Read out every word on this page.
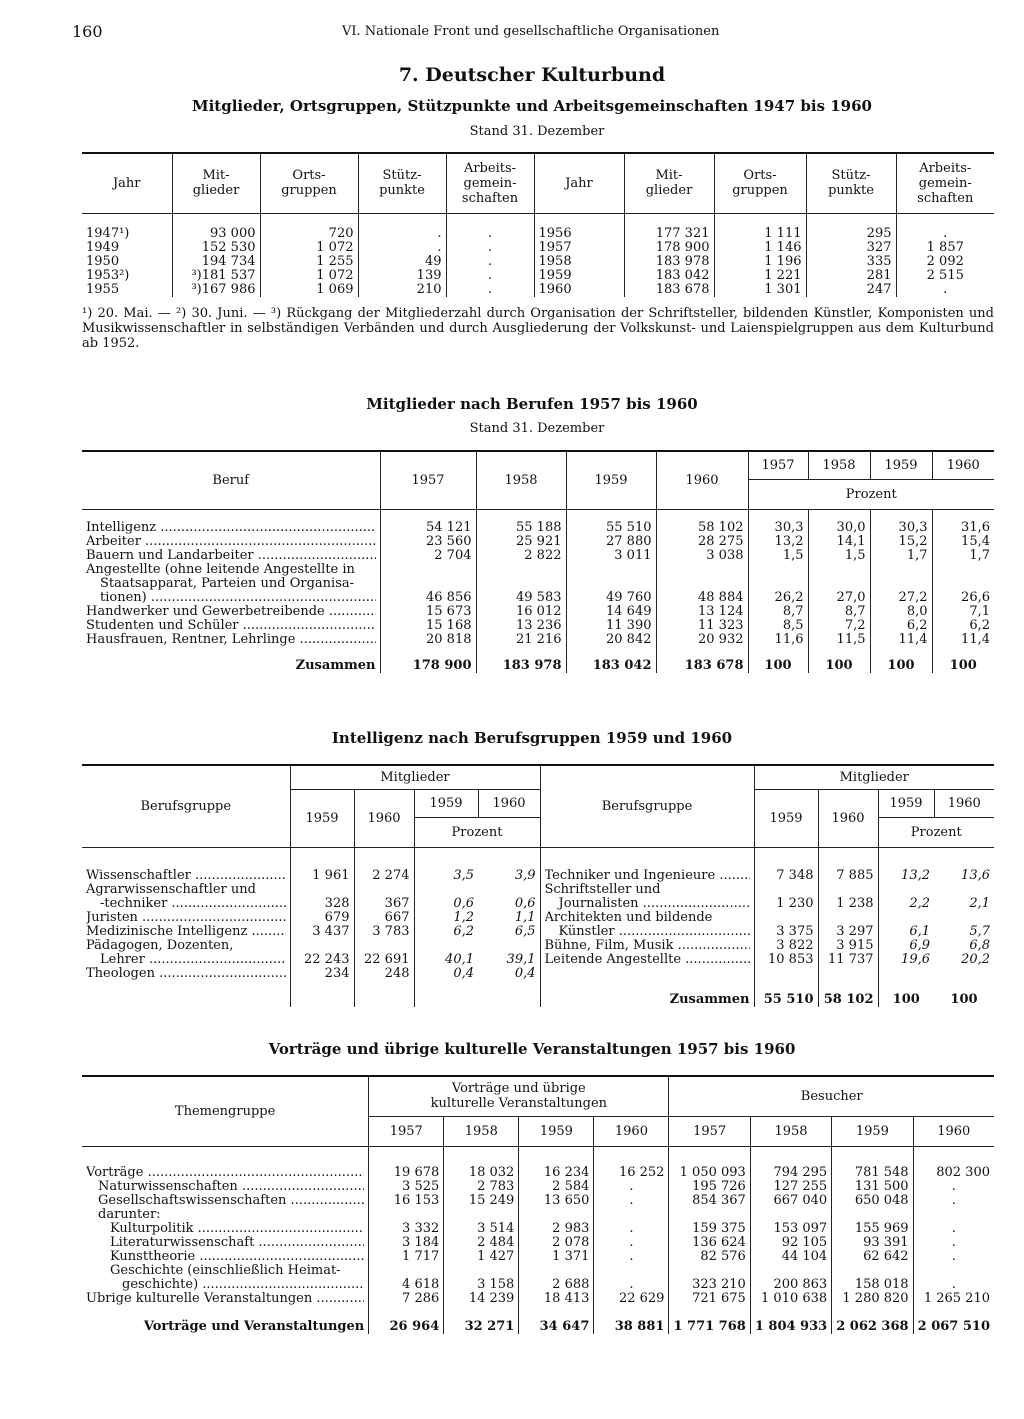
160	VI. Nationale Front und gesellschaftliche Organisationen
7. Deutscher Kulturbund
Mitglieder, Ortsgruppen, Stützpunkte und Arbeitsgemeinschaften 1947 bis 1960
Stand 31. Dezember
Jahr	Mit-
glieder	Orts-
gruppen	Stütz-
punkte	Arbeits-
gemein-
schaften	Jahr	Mit-
glieder	Orts-
gruppen	Stütz-
punkte	Arbeits-
gemein-
schaften

1947¹)	93 000	720	.	.	1956	177 321	1 111	295	.
1949	152 530	1 072	.	.	1957	178 900	1 146	327	1 857
1950	194 734	1 255	49	.	1958	183 978	1 196	335	2 092
1953²)	³)181 537	1 072	139	.	1959	183 042	1 221	281	2 515
1955	³)167 986	1 069	210	.	1960	183 678	1 301	247	.
¹) 20. Mai. — ²) 30. Juni. — ³) Rückgang der Mitgliederzahl durch Organisation der Schriftsteller, bildenden Künstler, Komponisten und Musikwissenschaftler in selbständigen Verbänden und durch Ausgliederung der Volkskunst- und Laienspielgruppen aus dem Kulturbund ab 1952.
Mitglieder nach Berufen 1957 bis 1960
Stand 31. Dezember
Beruf	1957	1958	1959	1960	1957	1958	1959	1960
					Prozent			

Intelligenz .....	54 121	55 188	55 510	58 102	30,3	30,0	30,3	31,6

Arbeiter .....	23 560	25 921	27 880	28 275	13,2	14,1	15,2	15,4

Bauern und Landarbeiter .....	2 704	2 822	3 011	3 038	1,5	1,5	1,7	1,7

Angestellte (ohne leitende Angestellte in								

Staatsapparat, Parteien und Organisa-								

tionen) .....	46 856	49 583	49 760	48 884	26,2	27,0	27,2	26,6

Handwerker und Gewerbetreibende .....	15 673	16 012	14 649	13 124	8,7	8,7	8,0	7,1

Studenten und Schüler .....	15 168	13 236	11 390	11 323	8,5	7,2	6,2	6,2

Hausfrauen, Rentner, Lehrlinge .....	20 818	21 216	20 842	20 932	11,6	11,5	11,4	11,4
Zusammen	178 900	183 978	183 042	183 678	100	100	100	100
Intelligenz nach Berufsgruppen 1959 und 1960
Berufsgruppe	Mitglieder				Berufsgruppe	Mitglieder			
	1959	1960	1959	1960		1959	1960	1959	1960
			Prozent					Prozent	

Wissenschaftler .....	1 961	2 274	3,5	3,9	Techniker und Ingenieure .....	7 348	7 885	13,2	13,6

Agrarwissenschaftler und					Schriftsteller und				

-techniker .....	328	367	0,6	0,6	Journalisten .....	1 230	1 238	2,2	2,1

Juristen .....	679	667	1,2	1,1	Architekten und bildende				

Medizinische Intelligenz .....	3 437	3 783	6,2	6,5	Künstler .....	3 375	3 297	6,1	5,7

Pädagogen, Dozenten,					Bühne, Film, Musik .....	3 822	3 915	6,9	6,8

Lehrer .....	22 243	22 691	40,1	39,1	Leitende Angestellte .....	10 853	11 737	19,6	20,2

Theologen .....	234	248	0,4	0,4					
					Zusammen	55 510	58 102	100	100
Vorträge und übrige kulturelle Veranstaltungen 1957 bis 1960
Themengruppe	Vorträge und übrige kulturelle Veranstaltungen				Besucher			
	1957	1958	1959	1960	1957	1958	1959	1960

Vorträge .....	19 678	18 032	16 234	16 252	1 050 093	794 295	781 548	802 300

Naturwissenschaften .....	3 525	2 783	2 584	.	195 726	127 255	131 500	.

Gesellschaftswissenschaften .....	16 153	15 249	13 650	.	854 367	667 040	650 048	.

darunter:								

Kulturpolitik .....	3 332	3 514	2 983	.	159 375	153 097	155 969	.

Literaturwissenschaft .....	3 184	2 484	2 078	.	136 624	92 105	93 391	.

Kunsttheorie .....	1 717	1 427	1 371	.	82 576	44 104	62 642	.

Geschichte (einschließlich Heimat-								

geschichte) .....	4 618	3 158	2 688	.	323 210	200 863	158 018	.

Übrige kulturelle Veranstaltungen .....	7 286	14 239	18 413	22 629	721 675	1 010 638	1 280 820	1 265 210
Vorträge und Veranstaltungen	26 964	32 271	34 647	38 881	1 771 768	1 804 933	2 062 368	2 067 510
